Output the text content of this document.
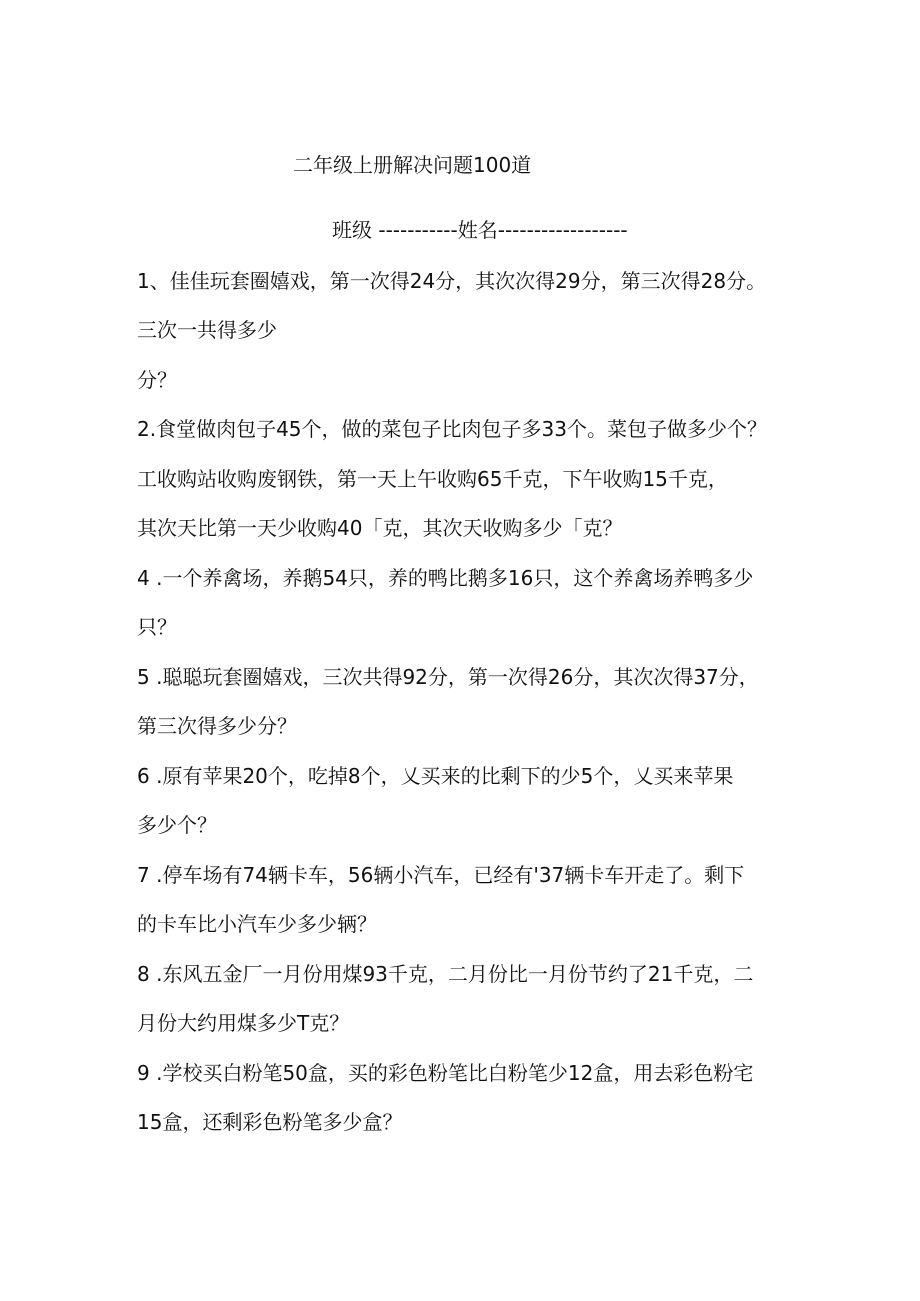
二年级上册解决问题100道
班级 -----------姓名------------------
1、佳佳玩套圈嬉戏，第一次得24分，其次次得29分，第三次得28分。
三次一共得多少
分？
2.食堂做肉包子45个，做的菜包子比肉包子多33个。菜包子做多少个？
工收购站收购废钢铁，第一天上午收购65千克，下午收购15千克，
其次天比第一天少收购40「克，其次天收购多少「克？
4 .一个养禽场，养鹅54只，养的鸭比鹅多16只，这个养禽场养鸭多少
只？
5 .聪聪玩套圈嬉戏，三次共得92分，第一次得26分，其次次得37分，
第三次得多少分？
6 .原有苹果20个，吃掉8个，乂买来的比剩下的少5个，乂买来苹果
多少个？
7 .停车场有74辆卡车，56辆小汽车，已经有'37辆卡车开走了。剩下
的卡车比小汽车少多少辆？
8 .东风五金厂一月份用煤93千克，二月份比一月份节约了21千克，二
月份大约用煤多少T克？
9 .学校买白粉笔50盒，买的彩色粉笔比白粉笔少12盒，用去彩色粉宅
15盒，还剩彩色粉笔多少盒？
